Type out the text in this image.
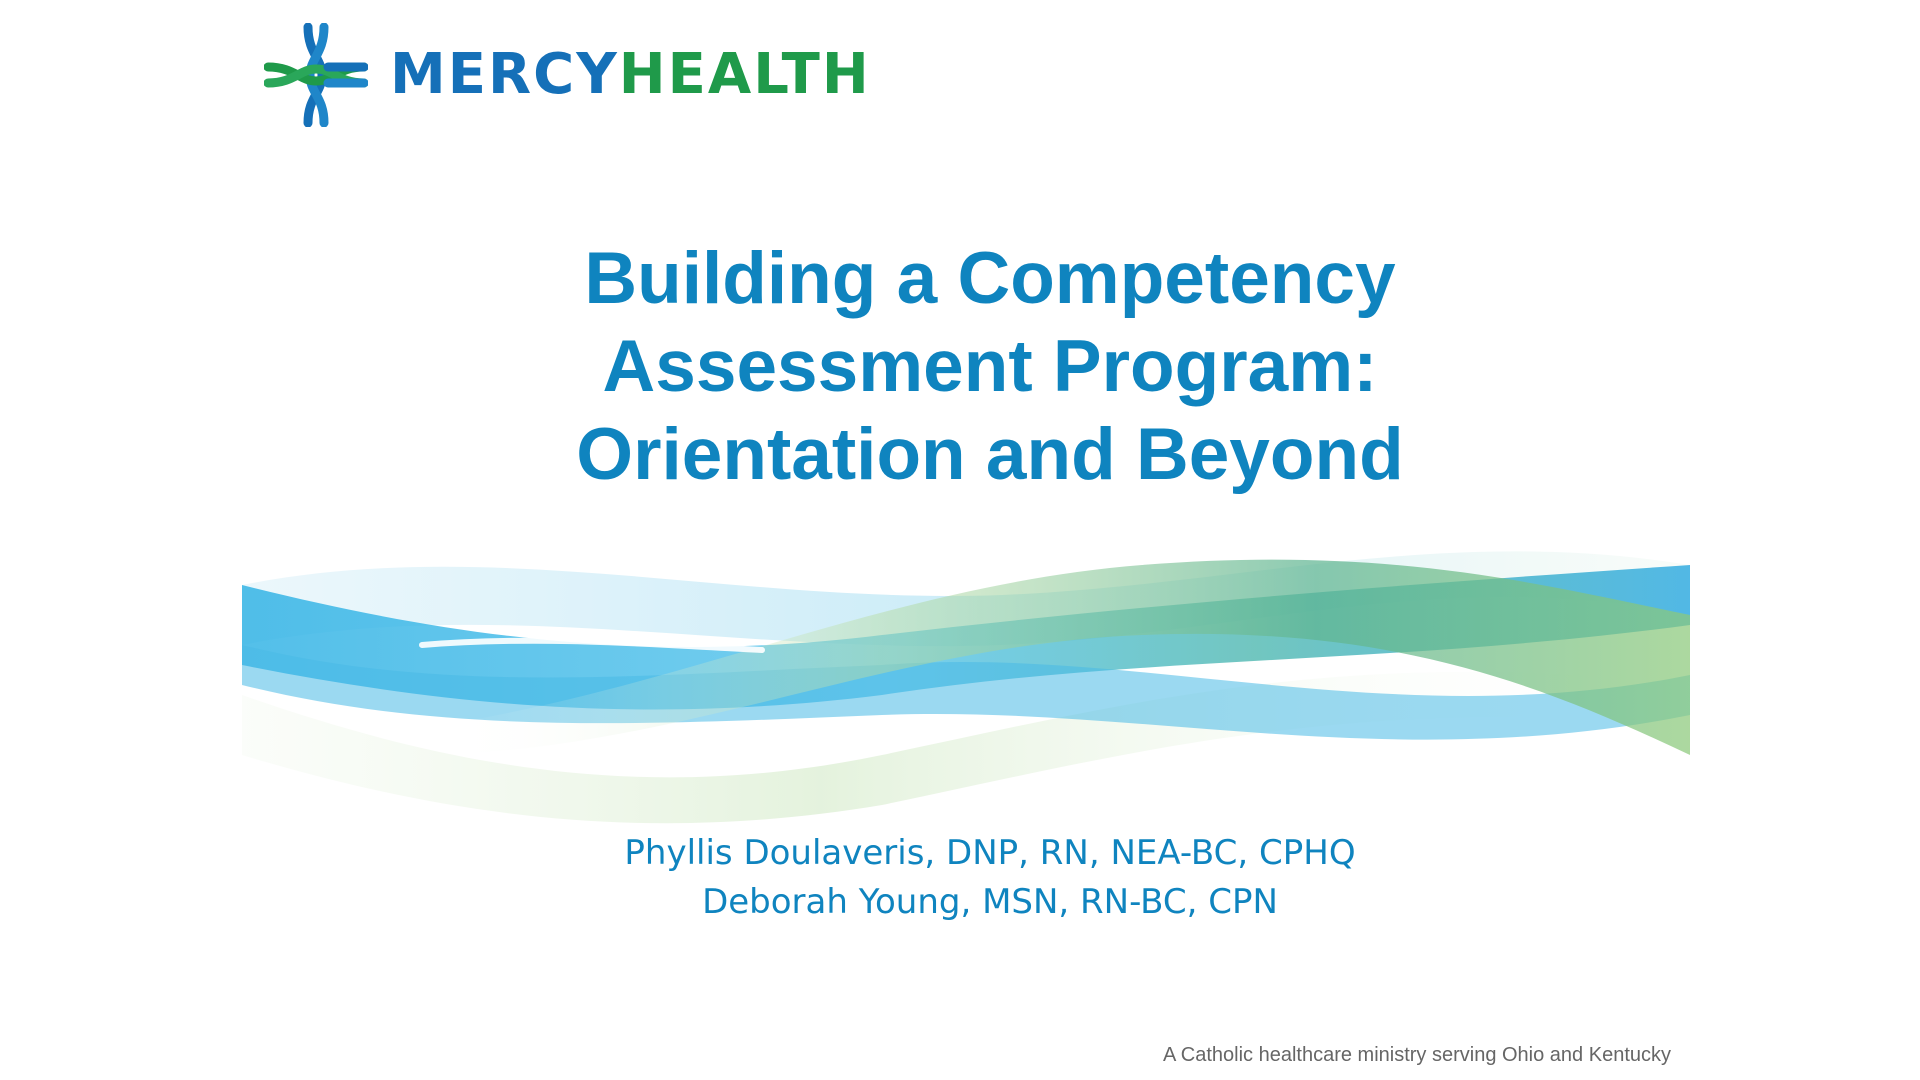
MERCYHEALTH
Building a Competency
Assessment Program:
Orientation and Beyond
Phyllis Doulaveris, DNP, RN, NEA-BC, CPHQ
Deborah Young, MSN, RN-BC, CPN
A Catholic healthcare ministry serving Ohio and Kentucky
